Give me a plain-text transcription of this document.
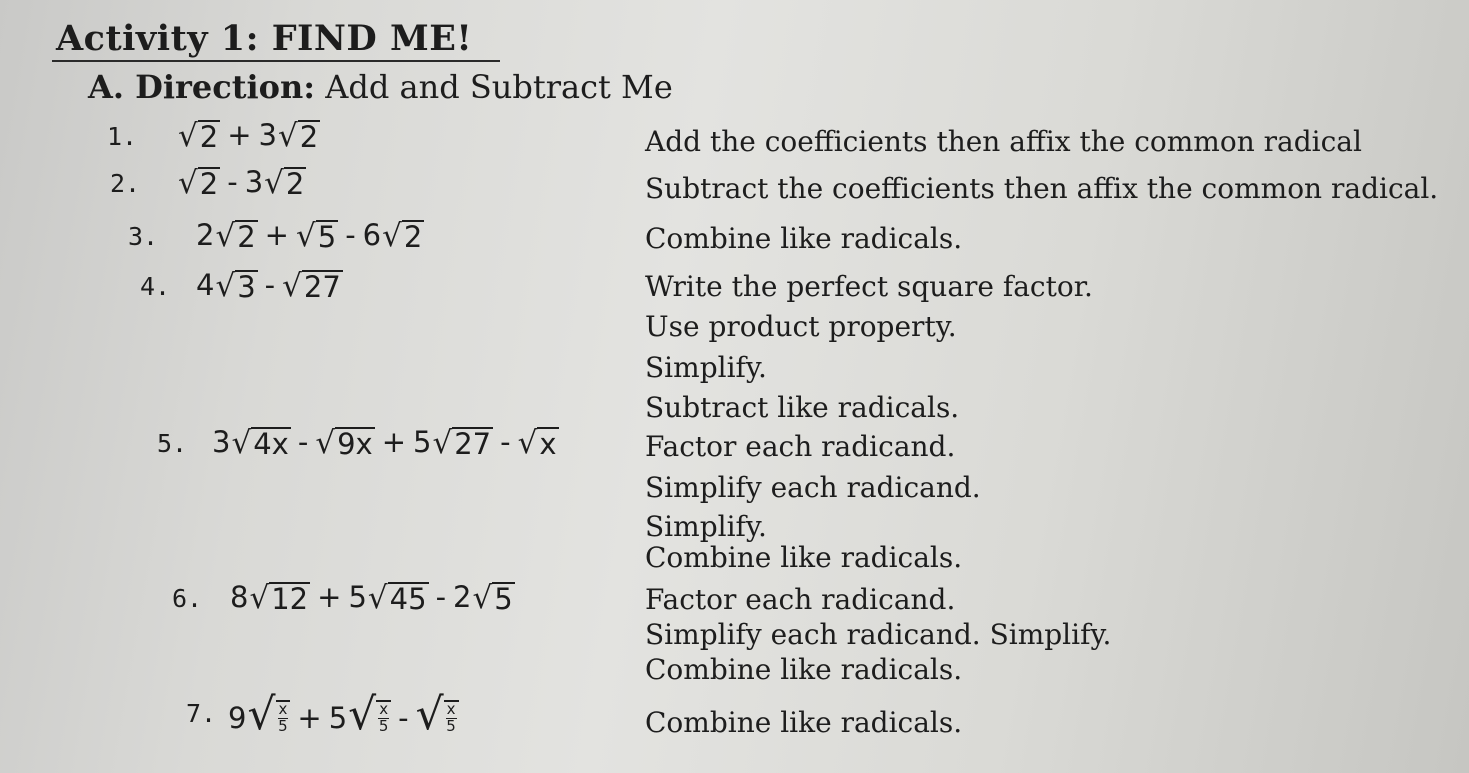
Activity 1: FIND ME!
A. Direction: Add and Subtract Me
1. √ 2 + 3 √ 2	Add the coefficients then affix the common radical
2. √ 2 - 3 √ 2	Subtract the coefficients then affix the common radical.
3. 2 √ 2 + √ 5 - 6 √ 2	Combine like radicals.
4. 4 √ 3 - √ 27	Write the perfect square factor.
Use product property.
Simplify.
Subtract like radicals.
5. 3 √ 4x - √ 9x + 5 √ 27 - √ x	Factor each radicand.
Simplify each radicand.
Simplify.
Combine like radicals.
6. 8 √ 12 + 5 √ 45 - 2 √ 5	Factor each radicand.
Simplify each radicand. Simplify.
Combine like radicals.
7. 9 √ $\frac{x}{5} + 5$ √ $\frac{x}{5}$ - √ $\frac{x}{5}$	Combine like radicals.
